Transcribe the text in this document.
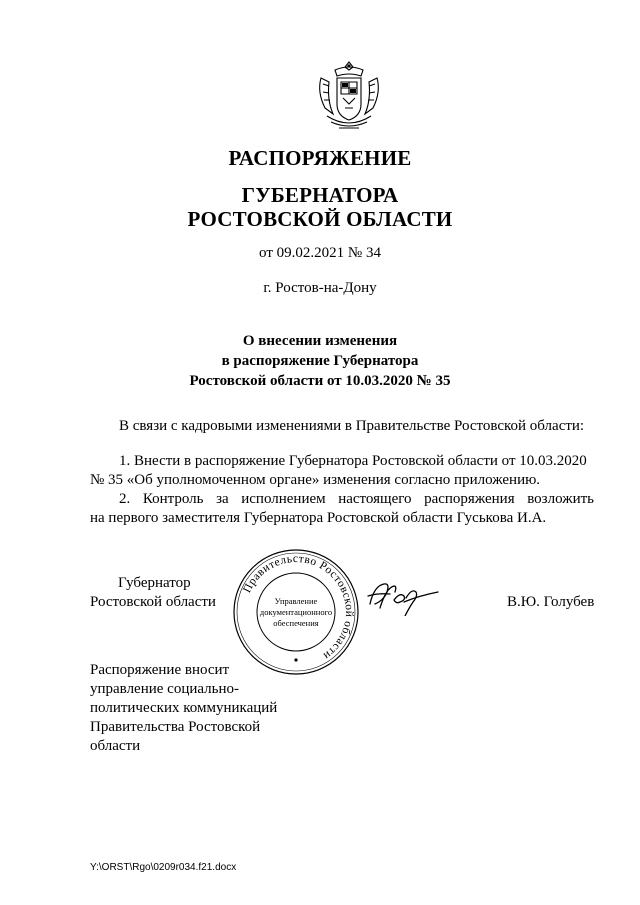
РАСПОРЯЖЕНИЕ
ГУБЕРНАТОРА
РОСТОВСКОЙ ОБЛАСТИ
от 09.02.2021 № 34
г. Ростов-на-Дону
О внесении изменения
в распоряжение Губернатора
Ростовской области от 10.03.2020 № 35
В связи с кадровыми изменениями в Правительстве Ростовской области:
1. Внести в распоряжение Губернатора Ростовской области от 10.03.2020
№ 35 «Об уполномоченном органе» изменения согласно приложению.
2. Контроль за исполнением настоящего распоряжения возложить
на первого заместителя Губернатора Ростовской области Гуськова И.А.
Губернатор
Ростовской области
Правительство Ростовской области
Управление
документационного
обеспечения
В.Ю. Голубев
Распоряжение вносит
управление социально-
политических коммуникаций
Правительства Ростовской
области
Y:\ORST\Rgo\0209r034.f21.docx
